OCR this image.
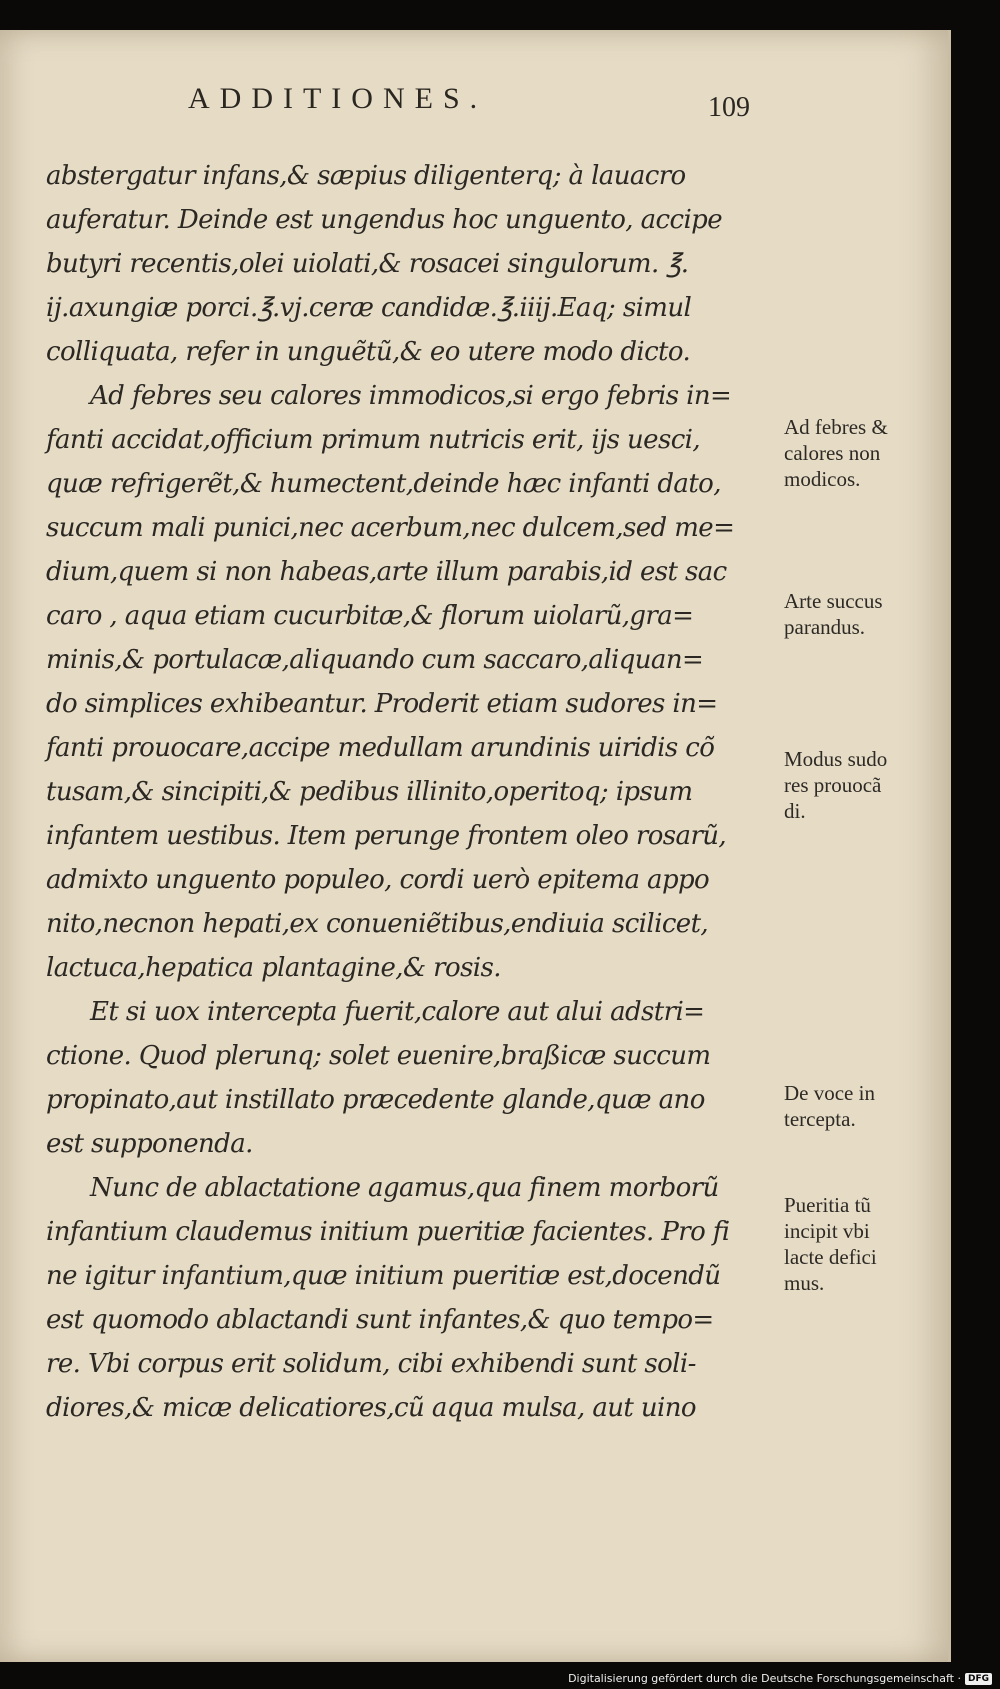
ADDITIONES.	109
abstergatur infans,& sæpius diligenterq; à lauacro
auferatur. Deinde est ungendus hoc unguento, accipe
butyri recentis,olei uiolati,& rosacei singulorum. ℥.
ij.axungiæ porci.℥.vj.ceræ candidæ.℥.iiij.Eaq; simul
colliquata, refer in unguẽtũ,& eo utere modo dicto.
Ad febres seu calores immodicos,si ergo febris in=
fanti accidat,officium primum nutricis erit, ijs uesci,
quæ refrigerẽt,& humectent,deinde hæc infanti dato,
succum mali punici,nec acerbum,nec dulcem,sed me=
dium,quem si non habeas,arte illum parabis,id est sac
caro , aqua etiam cucurbitæ,& florum uiolarũ,gra=
minis,& portulacæ,aliquando cum saccaro,aliquan=
do simplices exhibeantur. Proderit etiam sudores in=
fanti prouocare,accipe medullam arundinis uiridis cõ
tusam,& sincipiti,& pedibus illinito,operitoq; ipsum
infantem uestibus. Item perunge frontem oleo rosarũ,
admixto unguento populeo, cordi uerò epitema appo
nito,necnon hepati,ex conueniẽtibus,endiuia scilicet,
lactuca,hepatica plantagine,& rosis.
Et si uox intercepta fuerit,calore aut alui adstri=
ctione. Quod plerunq; solet euenire,braßicæ succum
propinato,aut instillato præcedente glande,quæ ano
est supponenda.
Nunc de ablactatione agamus,qua finem morborũ
infantium claudemus initium pueritiæ facientes. Pro fi
ne igitur infantium,quæ initium pueritiæ est,docendũ
est quomodo ablactandi sunt infantes,& quo tempo=
re. Vbi corpus erit solidum, cibi exhibendi sunt soli-
diores,& micæ delicatiores,cũ aqua mulsa, aut uino
Ad febres &
calores non
modicos.
Arte succus
parandus.
Modus sudo
res prouocã
di.
De voce in
tercepta.
Pueritia tũ
incipit vbi
lacte defici
mus.
Digitalisierung gefördert durch die Deutsche Forschungsgemeinschaft · DFG
